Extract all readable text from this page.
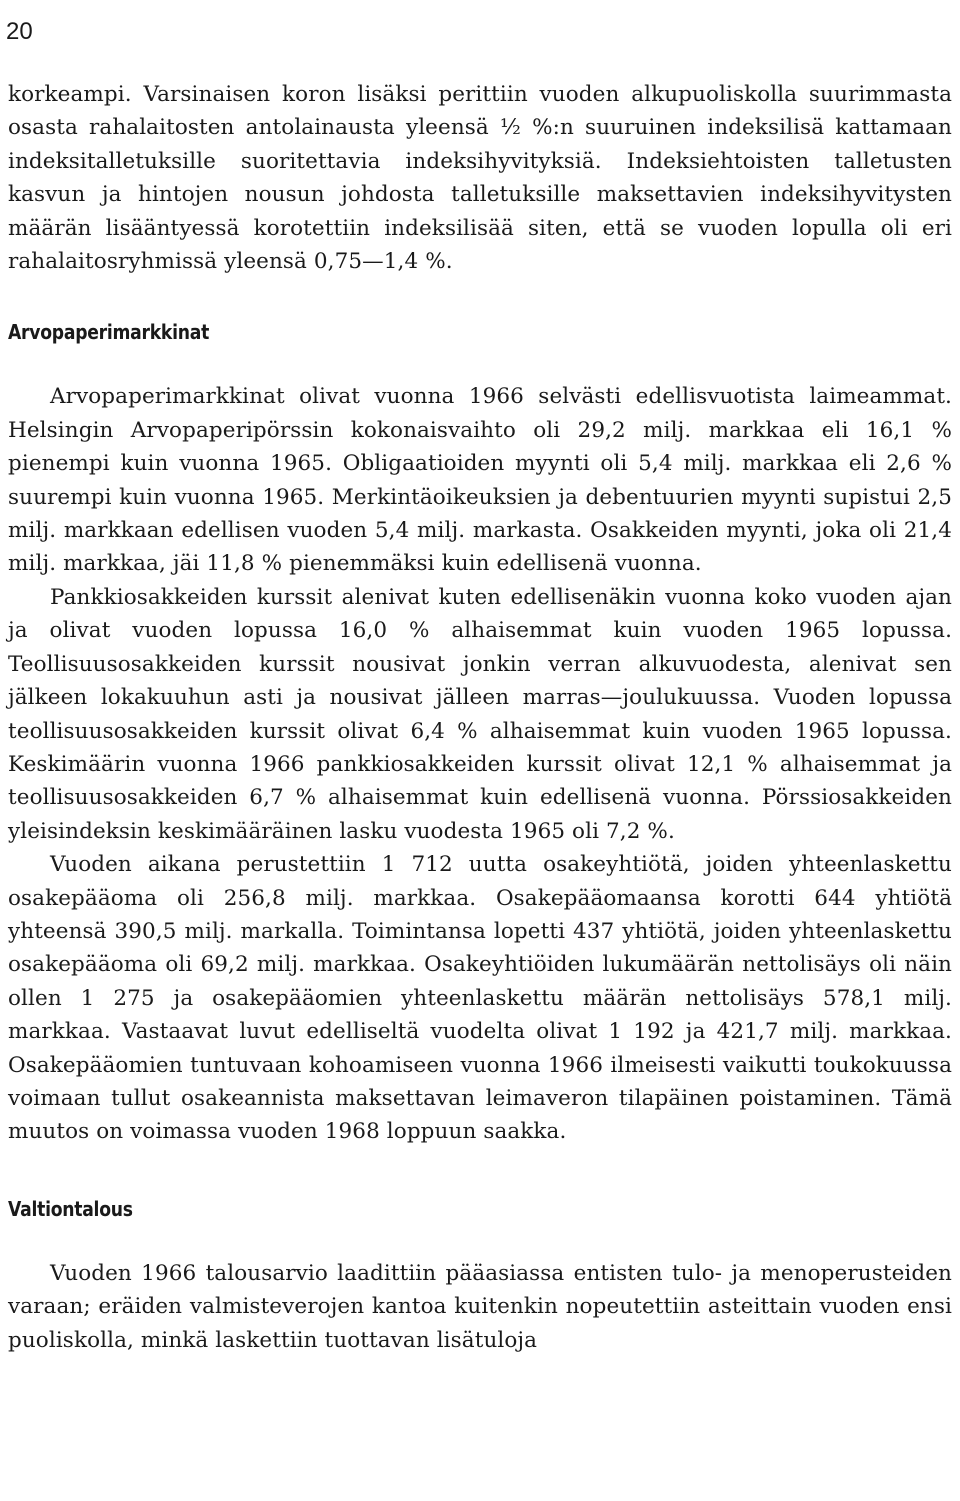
20

korkeampi. Varsinaisen koron lisäksi perittiin vuoden alkupuoliskolla suurimmasta osasta rahalaitosten antolainausta yleensä ½ %:n suuruinen indeksilisä kattamaan indeksitalletuksille suoritettavia indeksihyvityksiä. Indeksiehtoisten talletusten kasvun ja hintojen nousun johdosta talletuksille maksettavien indeksihyvitysten määrän lisääntyessä korotettiin indeksilisää siten, että se vuoden lopulla oli eri rahalaitosryhmissä yleensä 0,75—1,4 %.

Arvopaperimarkkinat

Arvopaperimarkkinat olivat vuonna 1966 selvästi edellisvuotista laimeammat. Helsingin Arvopaperipörssin kokonaisvaihto oli 29,2 milj. markkaa eli 16,1 % pienempi kuin vuonna 1965. Obligaatioiden myynti oli 5,4 milj. markkaa eli 2,6 % suurempi kuin vuonna 1965. Merkintäoikeuksien ja debentuurien myynti supistui 2,5 milj. markkaan edellisen vuoden 5,4 milj. markasta. Osakkeiden myynti, joka oli 21,4 milj. markkaa, jäi 11,8 % pienemmäksi kuin edellisenä vuonna.

Pankkiosakkeiden kurssit alenivat kuten edellisenäkin vuonna koko vuoden ajan ja olivat vuoden lopussa 16,0 % alhaisemmat kuin vuoden 1965 lopussa. Teollisuusosakkeiden kurssit nousivat jonkin verran alkuvuodesta, alenivat sen jälkeen lokakuuhun asti ja nousivat jälleen marras—joulukuussa. Vuoden lopussa teollisuusosakkeiden kurssit olivat 6,4 % alhaisemmat kuin vuoden 1965 lopussa. Keskimäärin vuonna 1966 pankkiosakkeiden kurssit olivat 12,1 % alhaisemmat ja teollisuusosakkeiden 6,7 % alhaisemmat kuin edellisenä vuonna. Pörssiosakkeiden yleisindeksin keskimääräinen lasku vuodesta 1965 oli 7,2 %.

Vuoden aikana perustettiin 1 712 uutta osakeyhtiötä, joiden yhteenlaskettu osakepääoma oli 256,8 milj. markkaa. Osakepääomaansa korotti 644 yhtiötä yhteensä 390,5 milj. markalla. Toimintansa lopetti 437 yhtiötä, joiden yhteenlaskettu osakepääoma oli 69,2 milj. markkaa. Osakeyhtiöiden lukumäärän nettolisäys oli näin ollen 1 275 ja osakepääomien yhteenlaskettu määrän nettolisäys 578,1 milj. markkaa. Vastaavat luvut edelliseltä vuodelta olivat 1 192 ja 421,7 milj. markkaa. Osakepääomien tuntuvaan kohoamiseen vuonna 1966 ilmeisesti vaikutti toukokuussa voimaan tullut osakeannista maksettavan leimaveron tilapäinen poistaminen. Tämä muutos on voimassa vuoden 1968 loppuun saakka.

Valtiontalous

Vuoden 1966 talousarvio laadittiin pääasiassa entisten tulo- ja menoperusteiden varaan; eräiden valmisteverojen kantoa kuitenkin nopeutettiin asteittain vuoden ensi puoliskolla, minkä laskettiin tuottavan lisätuloja
